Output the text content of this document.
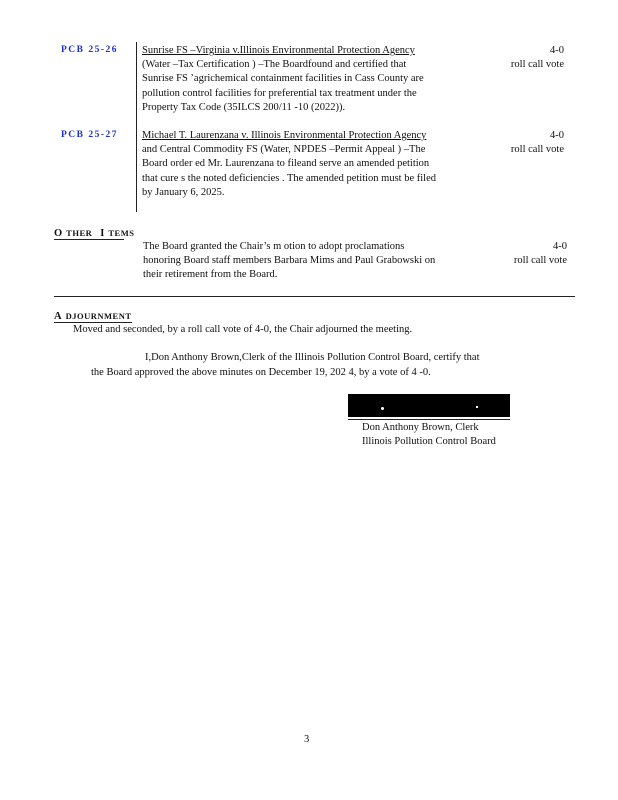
PCB 25-26 Sunrise FS –Virginia v.Illinois Environmental Protection Agency
(Water –Tax Certification ) –The Boardfound and certified that
Sunrise FS ’agrichemical containment facilities in Cass County are
pollution control facilities for preferential tax treatment under the
Property Tax Code (35ILCS 200/11 -10 (2022)).
4-0
roll call vote
PCB 25-27 Michael T. Laurenzana v. Illinois Environmental Protection Agency
and Central Commodity FS (Water, NPDES –Permit Appeal ) –The
Board order ed Mr. Laurenzana to fileand serve an amended petition
that cure s the noted deficiencies . The amended petition must be filed
by January 6, 2025.
4-0
roll call vote
O THER I TEMS
The Board granted the Chair’s m otion to adopt proclamations
honoring Board staff members Barbara Mims and Paul Grabowski on
their retirement from the Board.
4-0
roll call vote
A DJOURNMENT
Moved and seconded, by a roll call vote of 4-0, the Chair adjourned the meeting.
I,Don Anthony Brown,Clerk of the Illinois Pollution Control Board, certify that
the Board approved the above minutes on December 19, 202 4, by a vote of 4 -0.
Don Anthony Brown, Clerk
Illinois Pollution Control Board
3
